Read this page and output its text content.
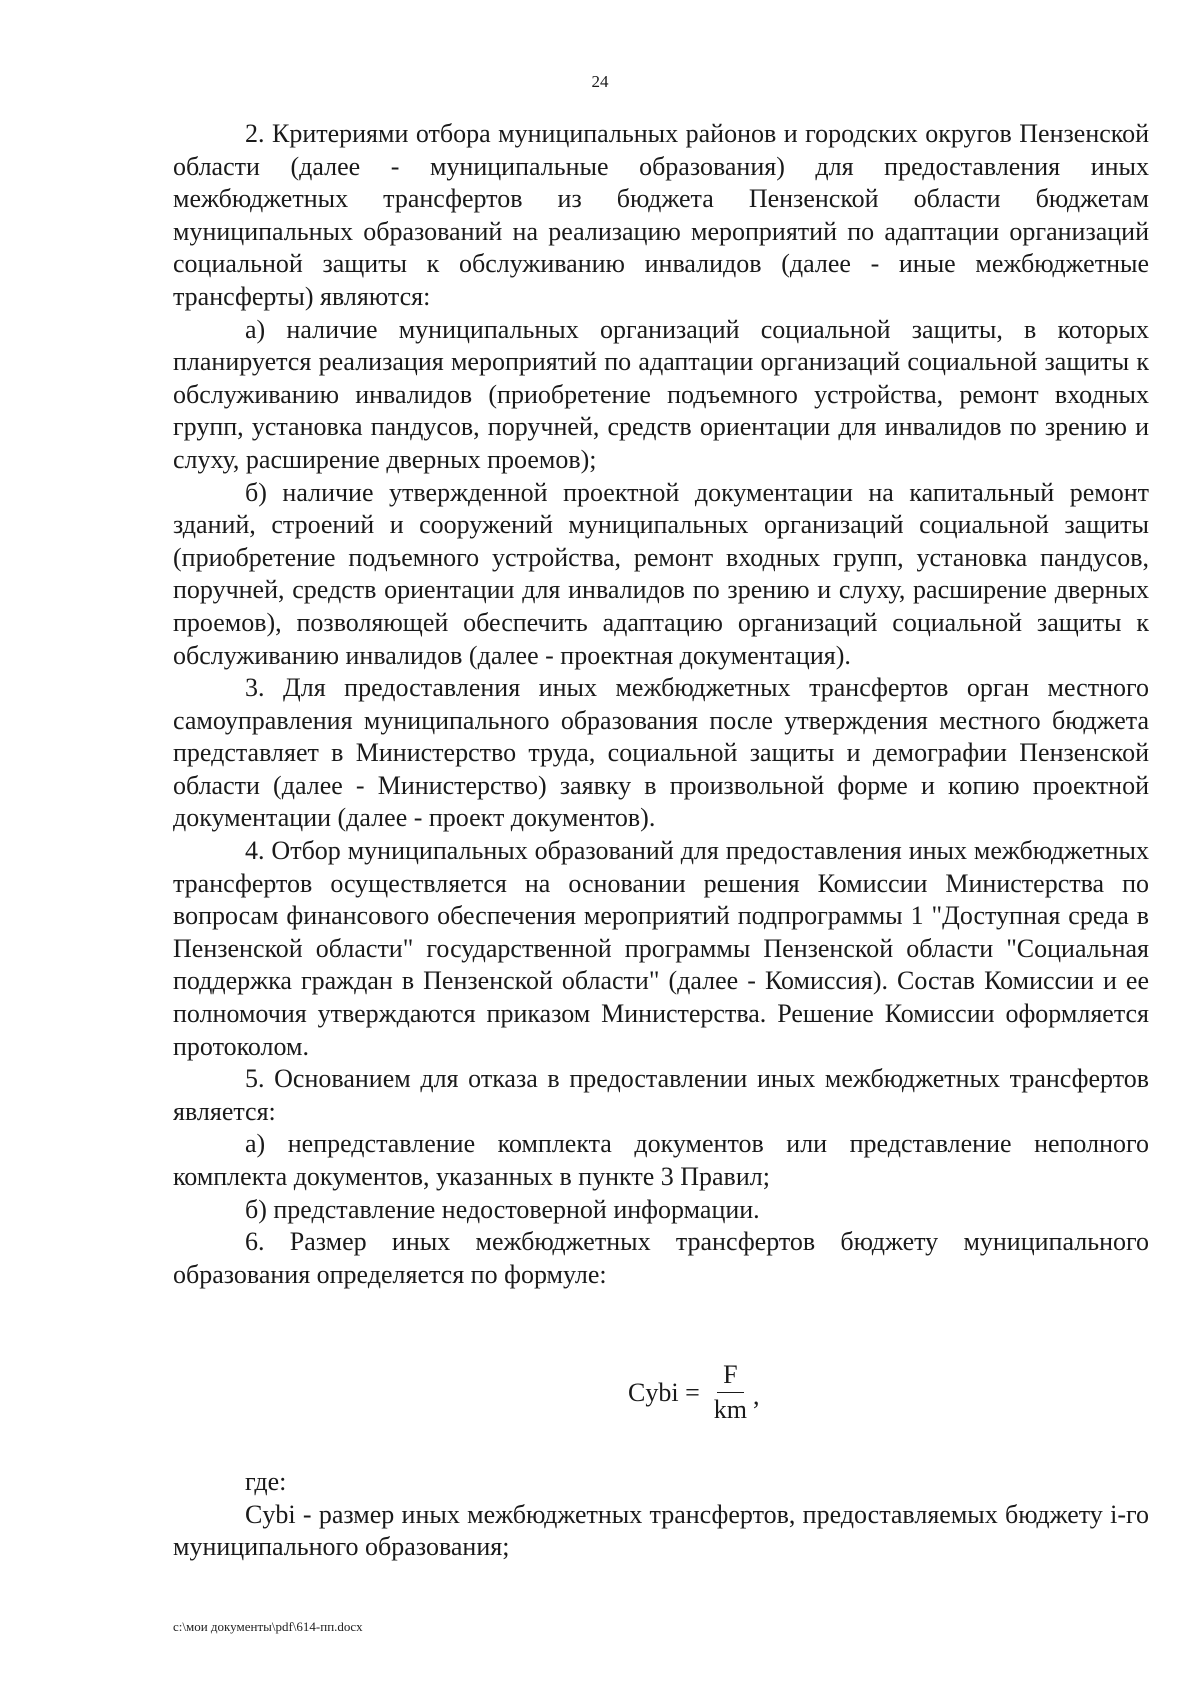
24

2. Критериями отбора муниципальных районов и городских округов Пензенской области (далее - муниципальные образования) для предоставления иных межбюджетных трансфертов из бюджета Пензенской области бюджетам муниципальных образований на реализацию мероприятий по адаптации организаций социальной защиты к обслуживанию инвалидов (далее - иные межбюджетные трансферты) являются:

а) наличие муниципальных организаций социальной защиты, в которых планируется реализация мероприятий по адаптации организаций социальной защиты к обслуживанию инвалидов (приобретение подъемного устройства, ремонт входных групп, установка пандусов, поручней, средств ориентации для инвалидов по зрению и слуху, расширение дверных проемов);

б) наличие утвержденной проектной документации на капитальный ремонт зданий, строений и сооружений муниципальных организаций социальной защиты (приобретение подъемного устройства, ремонт входных групп, установка пандусов, поручней, средств ориентации для инвалидов по зрению и слуху, расширение дверных проемов), позволяющей обеспечить адаптацию организаций социальной защиты к обслуживанию инвалидов (далее - проектная документация).

3. Для предоставления иных межбюджетных трансфертов орган местного самоуправления муниципального образования после утверждения местного бюджета представляет в Министерство труда, социальной защиты и демографии Пензенской области (далее - Министерство) заявку в произвольной форме и копию проектной документации (далее - проект документов).

4. Отбор муниципальных образований для предоставления иных межбюджетных трансфертов осуществляется на основании решения Комиссии Министерства по вопросам финансового обеспечения мероприятий подпрограммы 1 "Доступная среда в Пензенской области" государственной программы Пензенской области "Социальная поддержка граждан в Пензенской области" (далее - Комиссия). Состав Комиссии и ее полномочия утверждаются приказом Министерства. Решение Комиссии оформляется протоколом.

5. Основанием для отказа в предоставлении иных межбюджетных трансфертов является:

а) непредставление комплекта документов или представление неполного комплекта документов, указанных в пункте 3 Правил;

б) представление недостоверной информации.

6. Размер иных межбюджетных трансфертов бюджету муниципального образования определяется по формуле:

Cybi = $\frac{F}{km}$ ,

где:

Cybi - размер иных межбюджетных трансфертов, предоставляемых бюджету i-го муниципального образования;

c:\мои документы\pdf\614-пп.docx
